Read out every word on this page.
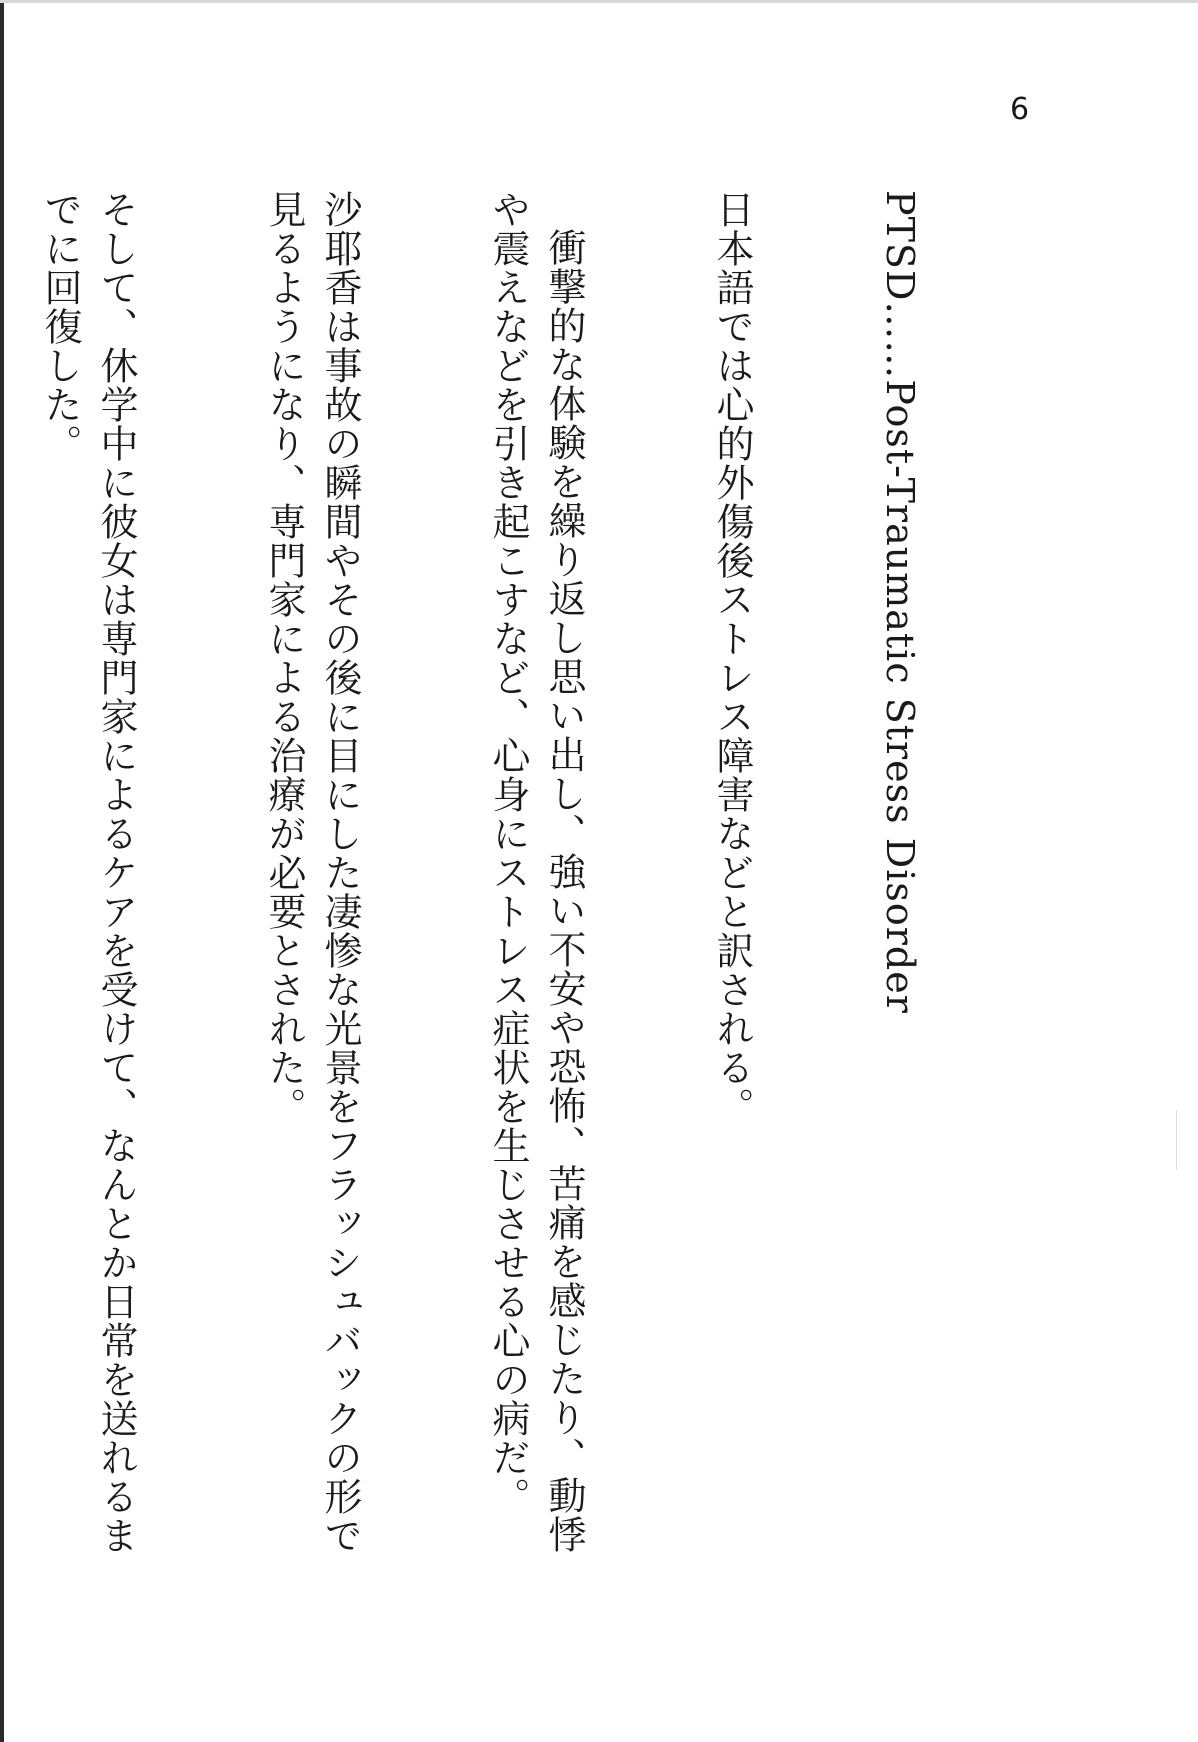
6

PTSD……Post-Traumatic Stress Disorder

日本語では心的外傷後ストレス障害などと訳される。

衝撃的な体験を繰り返し思い出し、強い不安や恐怖、苦痛を感じたり、動悸や震えなどを引き起こすなど、心身にストレス症状を生じさせる心の病だ。

沙耶香は事故の瞬間やその後に目にした凄惨な光景をフラッシュバックの形で見るようになり、専門家による治療が必要とされた。

そして、休学中に彼女は専門家によるケアを受けて、なんとか日常を送れるまでに回復した。
